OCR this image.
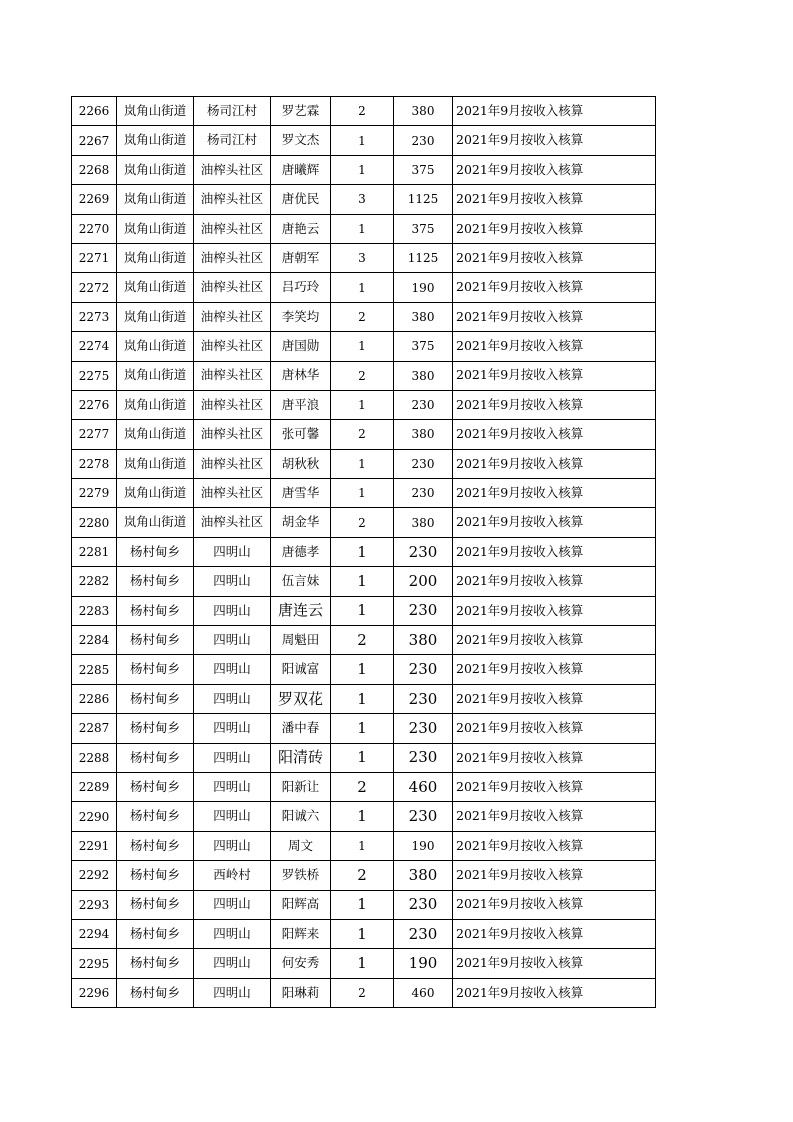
2266	岚角山街道	杨司江村	罗艺霖	2	380	2021年9月按收入核算
2267	岚角山街道	杨司江村	罗文杰	1	230	2021年9月按收入核算
2268	岚角山街道	油榨头社区	唐曦辉	1	375	2021年9月按收入核算
2269	岚角山街道	油榨头社区	唐优民	3	1125	2021年9月按收入核算
2270	岚角山街道	油榨头社区	唐艳云	1	375	2021年9月按收入核算
2271	岚角山街道	油榨头社区	唐朝军	3	1125	2021年9月按收入核算
2272	岚角山街道	油榨头社区	吕巧玲	1	190	2021年9月按收入核算
2273	岚角山街道	油榨头社区	李笑均	2	380	2021年9月按收入核算
2274	岚角山街道	油榨头社区	唐国勋	1	375	2021年9月按收入核算
2275	岚角山街道	油榨头社区	唐林华	2	380	2021年9月按收入核算
2276	岚角山街道	油榨头社区	唐平浪	1	230	2021年9月按收入核算
2277	岚角山街道	油榨头社区	张可馨	2	380	2021年9月按收入核算
2278	岚角山街道	油榨头社区	胡秋秋	1	230	2021年9月按收入核算
2279	岚角山街道	油榨头社区	唐雪华	1	230	2021年9月按收入核算
2280	岚角山街道	油榨头社区	胡金华	2	380	2021年9月按收入核算
2281	杨村甸乡	四明山	唐德孝	1	230	2021年9月按收入核算
2282	杨村甸乡	四明山	伍言妹	1	200	2021年9月按收入核算
2283	杨村甸乡	四明山	唐连云	1	230	2021年9月按收入核算
2284	杨村甸乡	四明山	周魁田	2	380	2021年9月按收入核算
2285	杨村甸乡	四明山	阳诚富	1	230	2021年9月按收入核算
2286	杨村甸乡	四明山	罗双花	1	230	2021年9月按收入核算
2287	杨村甸乡	四明山	潘中春	1	230	2021年9月按收入核算
2288	杨村甸乡	四明山	阳清砖	1	230	2021年9月按收入核算
2289	杨村甸乡	四明山	阳新让	2	460	2021年9月按收入核算
2290	杨村甸乡	四明山	阳诚六	1	230	2021年9月按收入核算
2291	杨村甸乡	四明山	周文	1	190	2021年9月按收入核算
2292	杨村甸乡	西岭村	罗铁桥	2	380	2021年9月按收入核算
2293	杨村甸乡	四明山	阳辉高	1	230	2021年9月按收入核算
2294	杨村甸乡	四明山	阳辉来	1	230	2021年9月按收入核算
2295	杨村甸乡	四明山	何安秀	1	190	2021年9月按收入核算
2296	杨村甸乡	四明山	阳琳莉	2	460	2021年9月按收入核算
